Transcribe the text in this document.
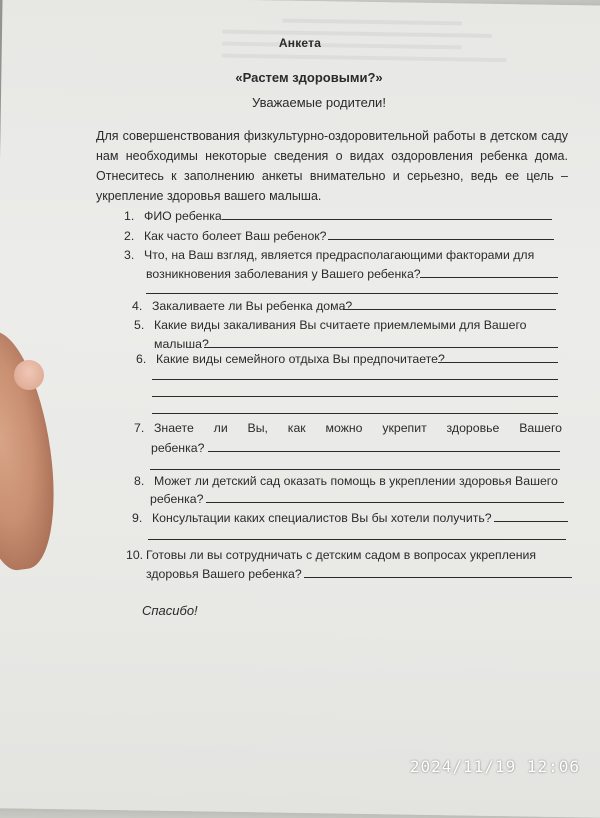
Анкета
«Растем здоровыми?»
Уважаемые родители!
Для совершенствования физкультурно-оздоровительной работы в детском саду нам необходимы некоторые сведения о видах оздоровления ребенка дома. Отнеситесь к заполнению анкеты внимательно и серьезно, ведь ее цель – укрепление здоровья вашего малыша.
1. ФИО ребенка
2. Как часто болеет Ваш ребенок?
3. Что, на Ваш взгляд, является предрасполагающими факторами для
возникновения заболевания у Вашего ребенка?
4. Закаливаете ли Вы ребенка дома?
5. Какие виды закаливания Вы считаете приемлемыми для Вашего
малыша?
6. Какие виды семейного отдыха Вы предпочитаете?
7. Знаете ли Вы, как можно укрепит здоровье Вашего
ребенка?
8. Может ли детский сад оказать помощь в укреплении здоровья Вашего
ребенка?
9. Консультации каких специалистов Вы бы хотели получить?
10. Готовы ли вы сотрудничать с детским садом в вопросах укрепления
здоровья Вашего ребенка?
Спасибо!
2024/11/19 12:06
